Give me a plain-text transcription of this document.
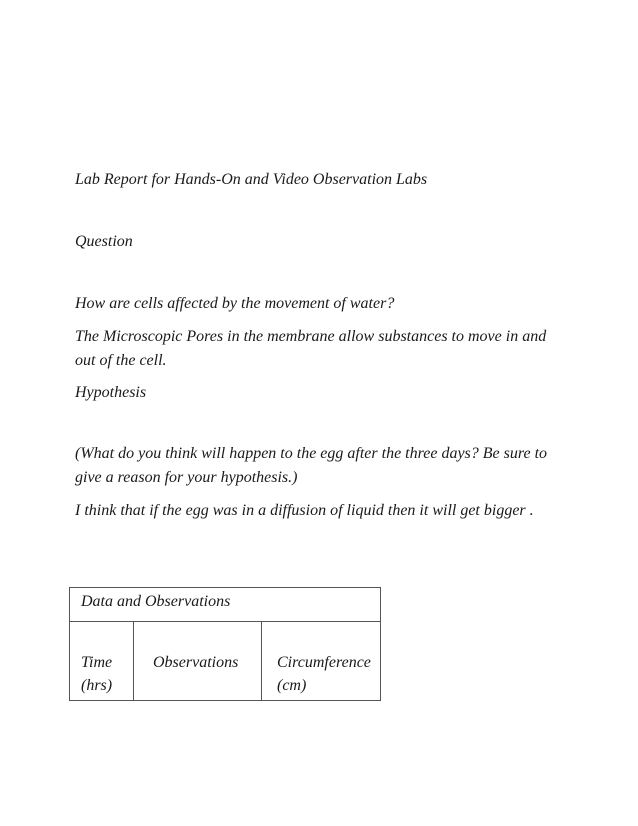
Lab Report for Hands-On and Video Observation Labs
Question
How are cells affected by the movement of water?
The Microscopic Pores in the membrane allow substances to move in and out of the cell.
Hypothesis
(What do you think will happen to the egg after the three days? Be sure to give a reason for your hypothesis.)
I think that if the egg was in a diffusion of liquid then it will get bigger .
Data and Observations
Time (hrs)
Observations	Circumference (cm)
